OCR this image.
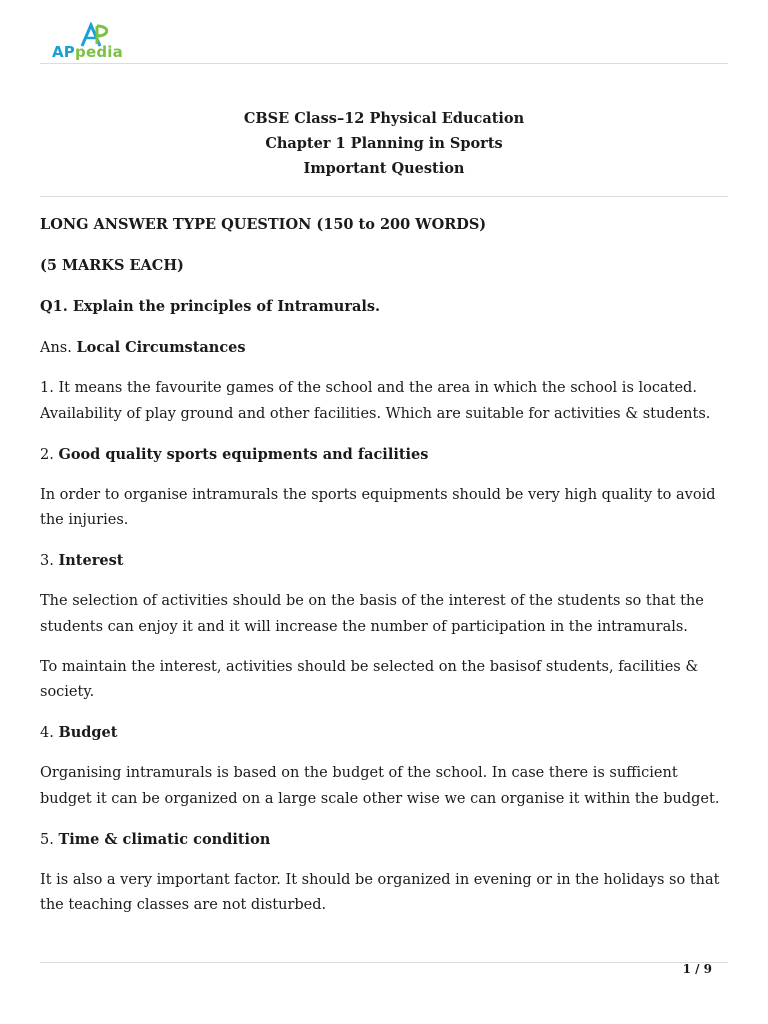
APpedia
CBSE Class–12 Physical Education
Chapter 1 Planning in Sports
Important Question

LONG ANSWER TYPE QUESTION (150 to 200 WORDS)

(5 MARKS EACH)

Q1. Explain the principles of Intramurals.

Ans. Local Circumstances

1. It means the favourite games of the school and the area in which the school is located. Availability of play ground and other facilities. Which are suitable for activities & students.

2. Good quality sports equipments and facilities

In order to organise intramurals the sports equipments should be very high quality to avoid the injuries.

3. Interest

The selection of activities should be on the basis of the interest of the students so that the students can enjoy it and it will increase the number of participation in the intramurals.

To maintain the interest, activities should be selected on the basisof students, facilities & society.

4. Budget

Organising intramurals is based on the budget of the school. In case there is sufficient budget it can be organized on a large scale other wise we can organise it within the budget.

5. Time & climatic condition

It is also a very important factor. It should be organized in evening or in the holidays so that the teaching classes are not disturbed.

1 / 9
